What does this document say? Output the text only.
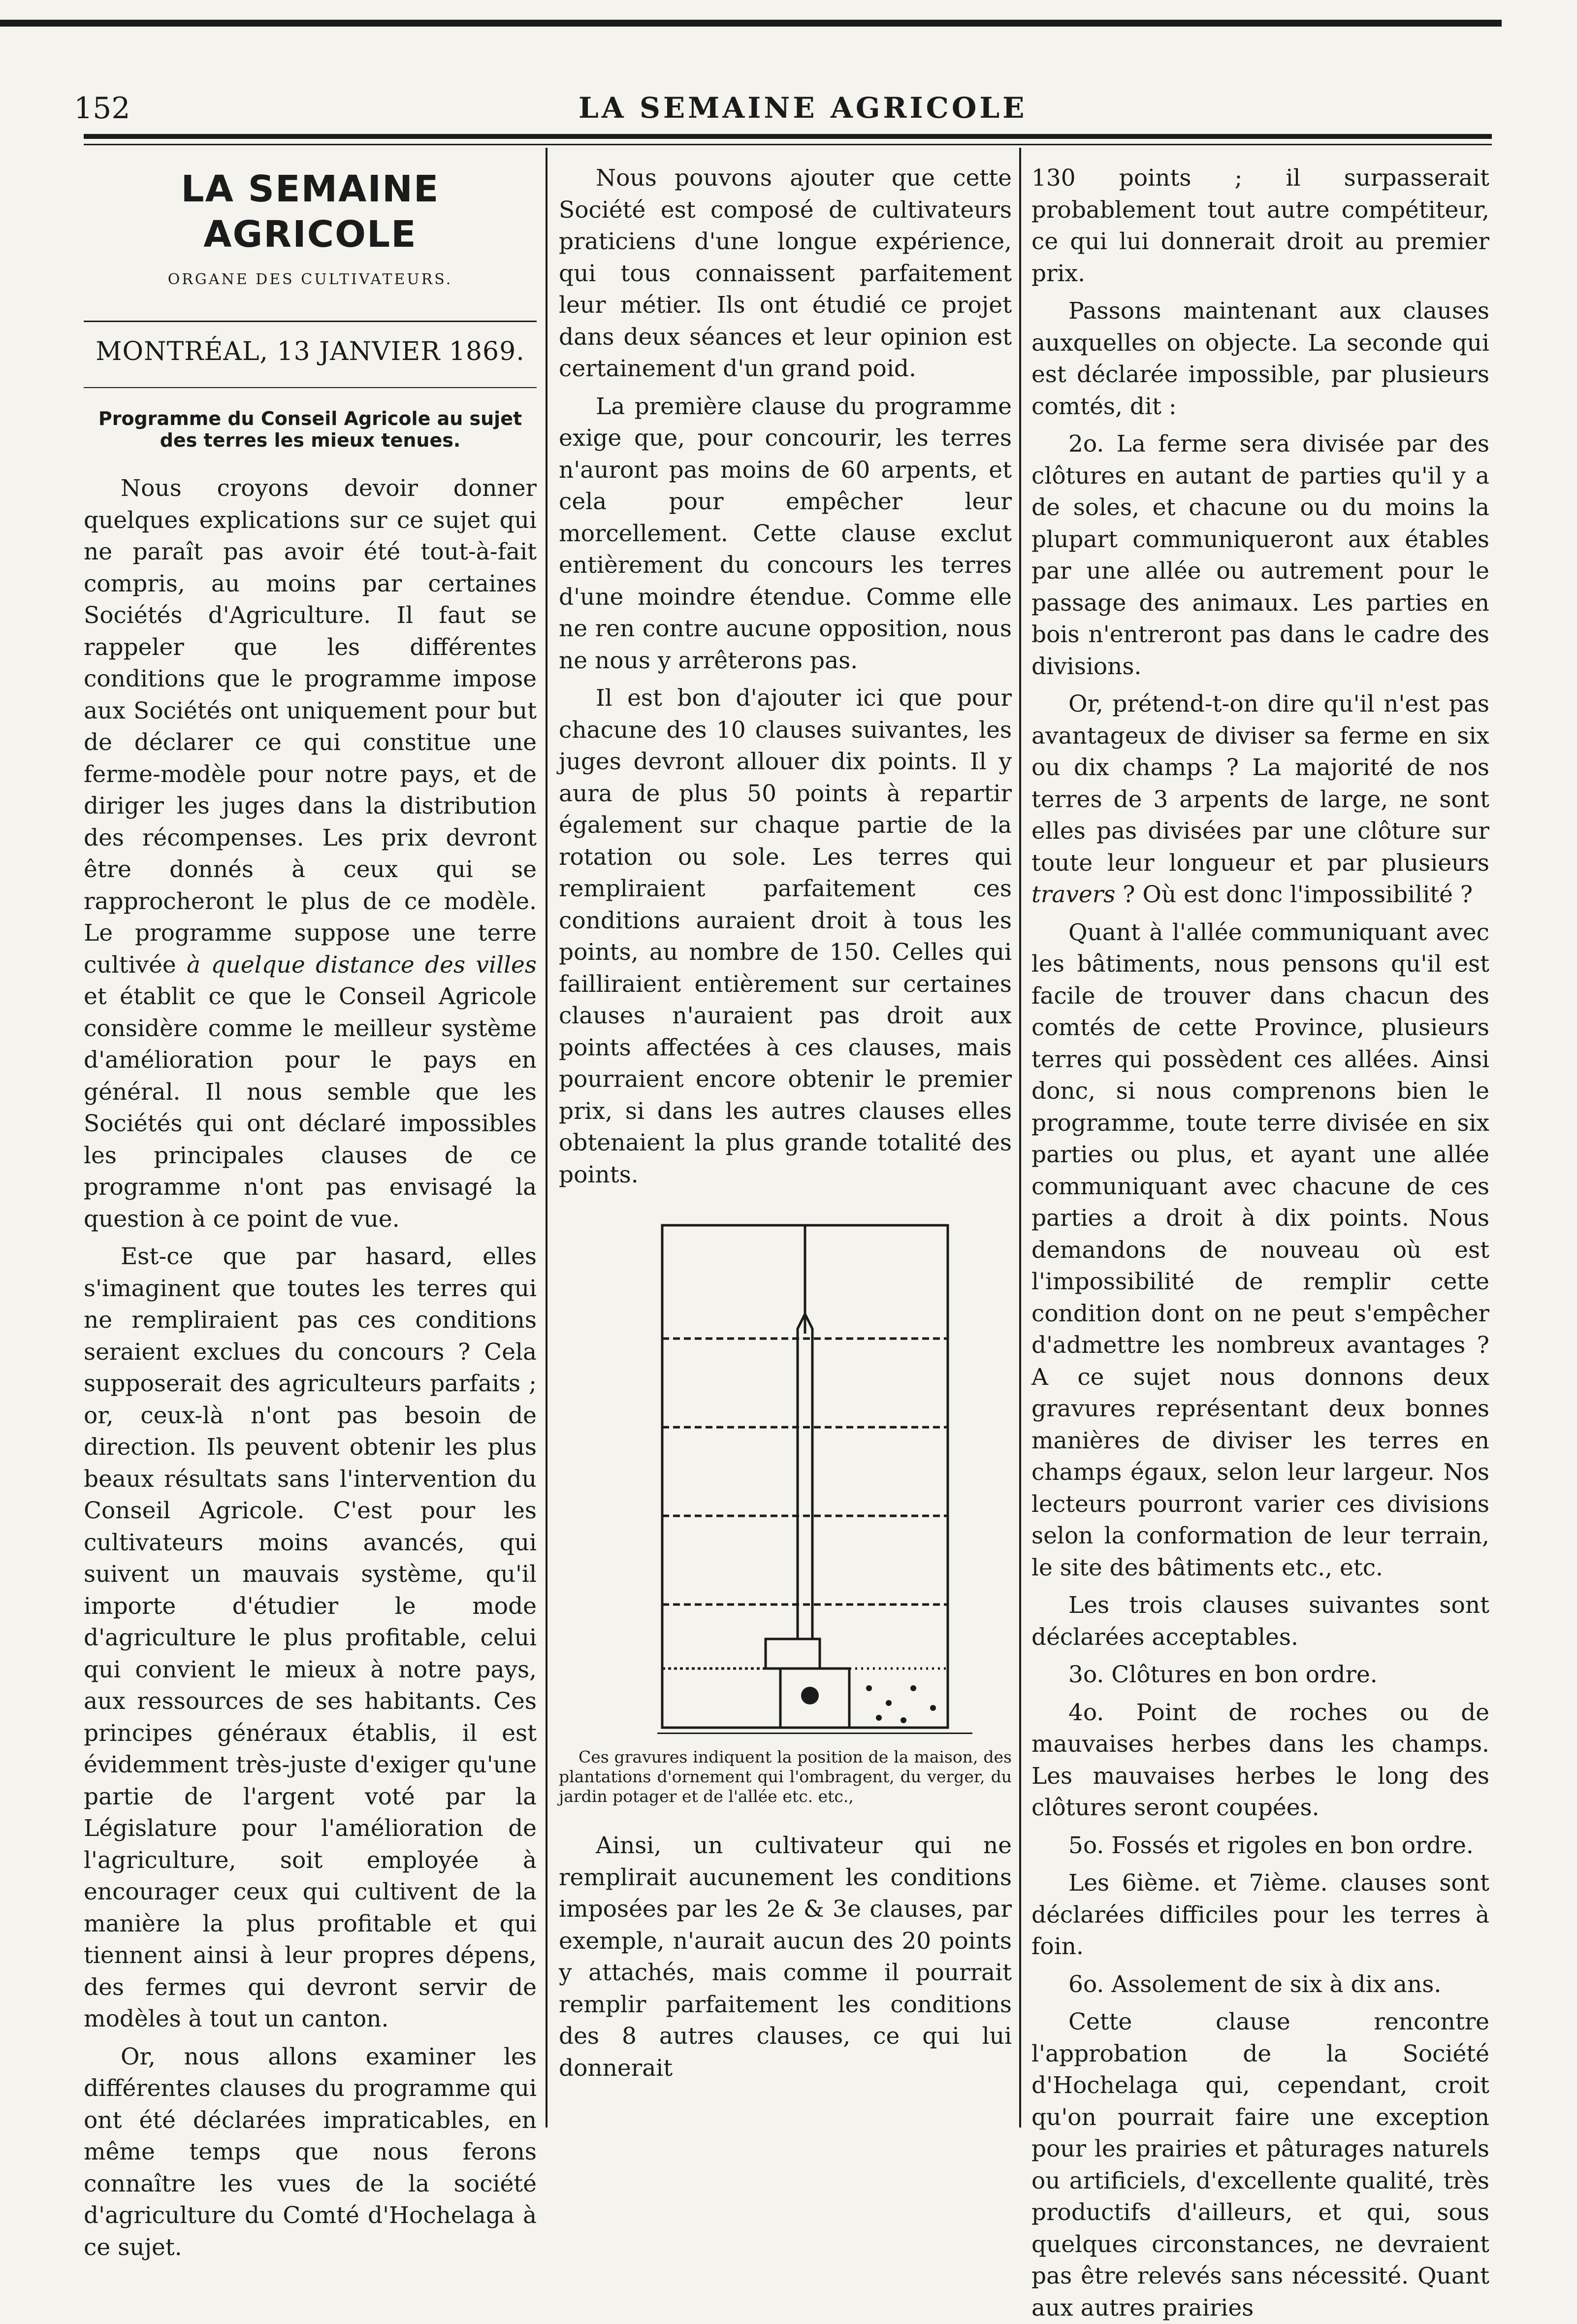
152	LA SEMAINE AGRICOLE
LA SEMAINE AGRICOLE
ORGANE DES CULTIVATEURS.
MONTRÉAL, 13 JANVIER 1869.
Programme du Conseil Agricole au sujet des terres les mieux tenues.

Nous croyons devoir donner quelques explications sur ce sujet qui ne paraît pas avoir été tout-à-fait compris, au moins par certaines Sociétés d'Agriculture. Il faut se rappeler que les différentes conditions que le programme impose aux Sociétés ont uniquement pour but de déclarer ce qui constitue une ferme-modèle pour notre pays, et de diriger les juges dans la distribution des récompenses. Les prix devront être donnés à ceux qui se rapprocheront le plus de ce modèle. Le programme suppose une terre cultivée à quelque distance des villes et établit ce que le Conseil Agricole considère comme le meilleur système d'amélioration pour le pays en général. Il nous semble que les Sociétés qui ont déclaré impossibles les principales clauses de ce programme n'ont pas envisagé la question à ce point de vue.

Est-ce que par hasard, elles s'imaginent que toutes les terres qui ne rempliraient pas ces conditions seraient exclues du concours ? Cela supposerait des agriculteurs parfaits ; or, ceux-là n'ont pas besoin de direction. Ils peuvent obtenir les plus beaux résultats sans l'intervention du Conseil Agricole. C'est pour les cultivateurs moins avancés, qui suivent un mauvais système, qu'il importe d'étudier le mode d'agriculture le plus profitable, celui qui convient le mieux à notre pays, aux ressources de ses habitants. Ces principes généraux établis, il est évidemment très-juste d'exiger qu'une partie de l'argent voté par la Législature pour l'amélioration de l'agriculture, soit employée à encourager ceux qui cultivent de la manière la plus profitable et qui tiennent ainsi à leur propres dépens, des fermes qui devront servir de modèles à tout un canton.

Or, nous allons examiner les différentes clauses du programme qui ont été déclarées impraticables, en même temps que nous ferons connaître les vues de la société d'agriculture du Comté d'Hochelaga à ce sujet.

Nous pouvons ajouter que cette Société est composé de cultivateurs praticiens d'une longue expérience, qui tous connaissent parfaitement leur métier. Ils ont étudié ce projet dans deux séances et leur opinion est certainement d'un grand poid.

La première clause du programme exige que, pour concourir, les terres n'auront pas moins de 60 arpents, et cela pour empêcher leur morcellement. Cette clause exclut entièrement du concours les terres d'une moindre étendue. Comme elle ne ren contre aucune opposition, nous ne nous y arrêterons pas.

Il est bon d'ajouter ici que pour chacune des 10 clauses suivantes, les juges devront allouer dix points. Il y aura de plus 50 points à repartir également sur chaque partie de la rotation ou sole. Les terres qui rempliraient parfaitement ces conditions auraient droit à tous les points, au nombre de 150. Celles qui failliraient entièrement sur certaines clauses n'auraient pas droit aux points affectées à ces clauses, mais pourraient encore obtenir le premier prix, si dans les autres clauses elles obtenaient la plus grande totalité des points.

Ces gravures indiquent la position de la maison, des plantations d'ornement qui l'ombragent, du verger, du jardin potager et de l'allée etc. etc.,

Ainsi, un cultivateur qui ne remplirait aucunement les conditions imposées par les 2e & 3e clauses, par exemple, n'aurait aucun des 20 points y attachés, mais comme il pourrait remplir parfaitement les conditions des 8 autres clauses, ce qui lui donnerait

130 points ; il surpasserait probablement tout autre compétiteur, ce qui lui donnerait droit au premier prix.

Passons maintenant aux clauses auxquelles on objecte. La seconde qui est déclarée impossible, par plusieurs comtés, dit :

2o. La ferme sera divisée par des clôtures en autant de parties qu'il y a de soles, et chacune ou du moins la plupart communiqueront aux étables par une allée ou autrement pour le passage des animaux. Les parties en bois n'entreront pas dans le cadre des divisions.

Or, prétend-t-on dire qu'il n'est pas avantageux de diviser sa ferme en six ou dix champs ? La majorité de nos terres de 3 arpents de large, ne sont elles pas divisées par une clôture sur toute leur longueur et par plusieurs travers ? Où est donc l'impossibilité ?

Quant à l'allée communiquant avec les bâtiments, nous pensons qu'il est facile de trouver dans chacun des comtés de cette Province, plusieurs terres qui possèdent ces allées. Ainsi donc, si nous comprenons bien le programme, toute terre divisée en six parties ou plus, et ayant une allée communiquant avec chacune de ces parties a droit à dix points. Nous demandons de nouveau où est l'impossibilité de remplir cette condition dont on ne peut s'empêcher d'admettre les nombreux avantages ? A ce sujet nous donnons deux gravures représentant deux bonnes manières de diviser les terres en champs égaux, selon leur largeur. Nos lecteurs pourront varier ces divisions selon la conformation de leur terrain, le site des bâtiments etc., etc.

Les trois clauses suivantes sont déclarées acceptables.

3o. Clôtures en bon ordre.

4o. Point de roches ou de mauvaises herbes dans les champs. Les mauvaises herbes le long des clôtures seront coupées.

5o. Fossés et rigoles en bon ordre.

Les 6ième. et 7ième. clauses sont déclarées difficiles pour les terres à foin.

6o. Assolement de six à dix ans.

Cette clause rencontre l'approbation de la Société d'Hochelaga qui, cependant, croit qu'on pourrait faire une exception pour les prairies et pâturages naturels ou artificiels, d'excellente qualité, très productifs d'ailleurs, et qui, sous quelques circonstances, ne devraient pas être relevés sans nécessité. Quant aux autres prairies
